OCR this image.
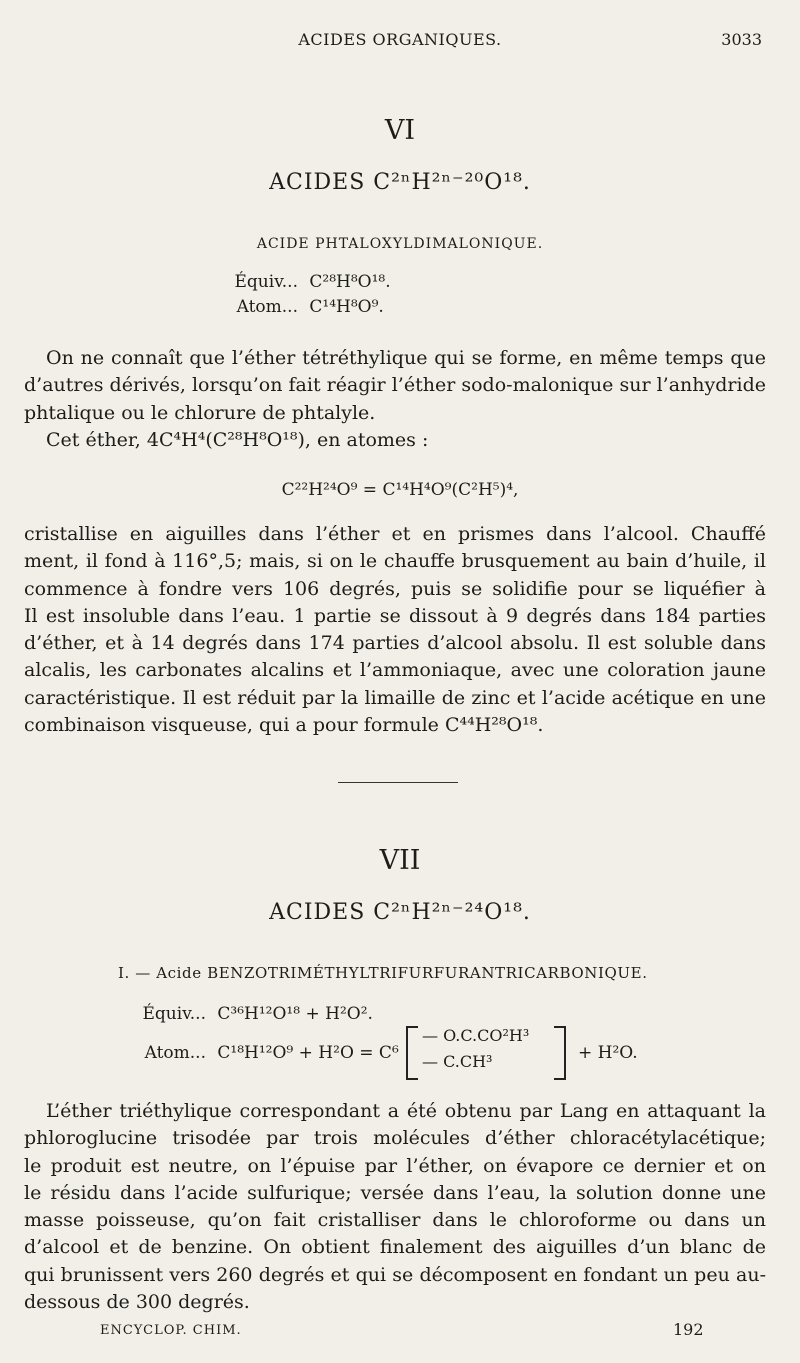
ACIDES ORGANIQUES.	3033
VI
ACIDES C²ⁿH²ⁿ⁻²⁰O¹⁸.
ACIDE PHTALOXYLDIMALONIQUE.
Équiv... C²⁸H⁸O¹⁸.
Atom... C¹⁴H⁸O⁹.
On ne connaît que l’éther tétréthylique qui se forme, en même temps que
d’autres dérivés, lorsqu’on fait réagir l’éther sodo-malonique sur l’anhydride
phtalique ou le chlorure de phtalyle.
Cet éther, 4C⁴H⁴(C²⁸H⁸O¹⁸), en atomes :
C²²H²⁴O⁹ = C¹⁴H⁴O⁹(C²H⁵)⁴,
cristallise en aiguilles dans l’éther et en prismes dans l’alcool. Chauffé
ment, il fond à 116°,5; mais, si on le chauffe brusquement au bain d’huile, il
commence à fondre vers 106 degrés, puis se solidifie pour se liquéfier à
Il est insoluble dans l’eau. 1 partie se dissout à 9 degrés dans 184 parties
d’éther, et à 14 degrés dans 174 parties d’alcool absolu. Il est soluble dans
alcalis, les carbonates alcalins et l’ammoniaque, avec une coloration jaune
caractéristique. Il est réduit par la limaille de zinc et l’acide acétique en une
combinaison visqueuse, qui a pour formule C⁴⁴H²⁸O¹⁸.
VII
ACIDES C²ⁿH²ⁿ⁻²⁴O¹⁸.
I. — Acide BENZOTRIMÉTHYLTRIFURFURANTRICARBONIQUE.
Équiv... C³⁶H¹²O¹⁸ + H²O².
Atom... C¹⁸H¹²O⁹ + H²O = C⁶
— O.C.CO²H³
— C.CH³	+ H²O.
L’éther triéthylique correspondant a été obtenu par Lang en attaquant la
phloroglucine trisodée par trois molécules d’éther chloracétylacétique;
le produit est neutre, on l’épuise par l’éther, on évapore ce dernier et on
le résidu dans l’acide sulfurique; versée dans l’eau, la solution donne une
masse poisseuse, qu’on fait cristalliser dans le chloroforme ou dans un
d’alcool et de benzine. On obtient finalement des aiguilles d’un blanc de
qui brunissent vers 260 degrés et qui se décomposent en fondant un peu au-
dessous de 300 degrés.
ENCYCLOP. CHIM.	192
